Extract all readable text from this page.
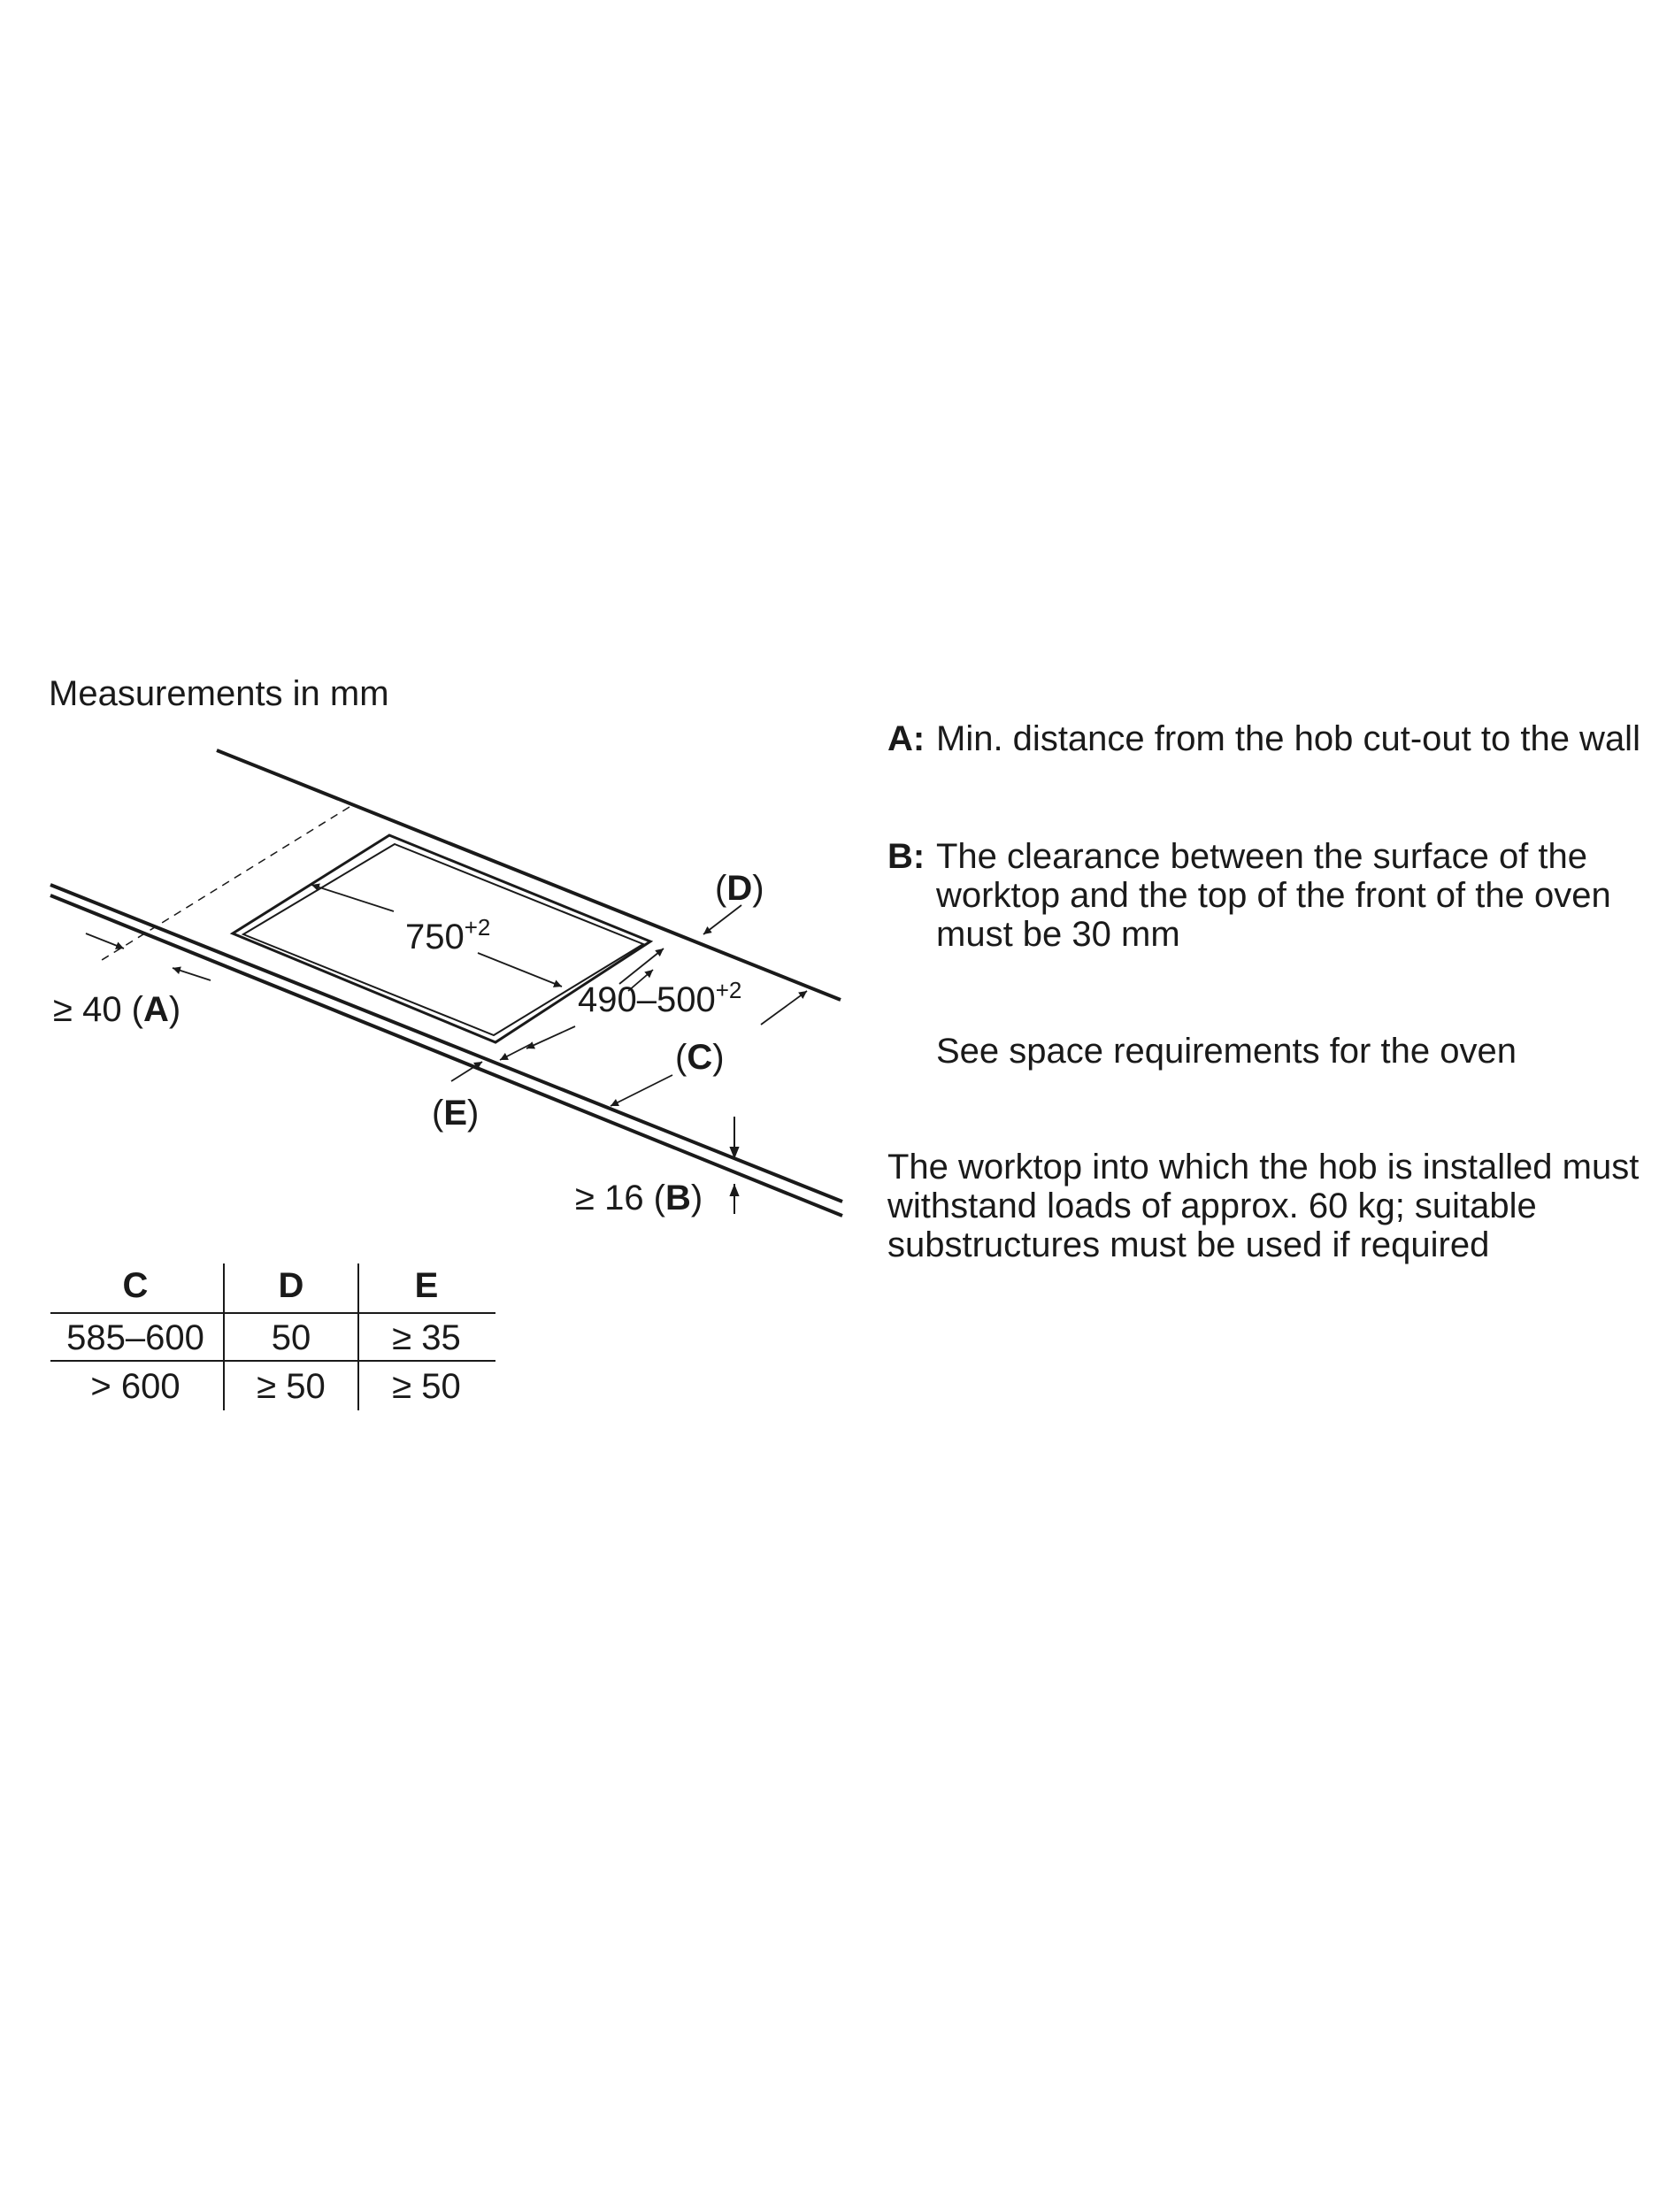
Measurements in mm
$750^{+2}$
$490-500^{+2}$
(C)
(D)
≥ 40 (A)
(E)
≥ 16 (B)
C	D	E
585–600 50 ≥ 35
> 600 ≥ 50 ≥ 50
A: Min. distance from the hob cut-out to the wall
B: The clearance between the surface of the worktop and the top of the front of the oven must be 30 mm
See space requirements for the oven
The worktop into which the hob is installed must withstand loads of approx. 60 kg; suitable substructures must be used if required
